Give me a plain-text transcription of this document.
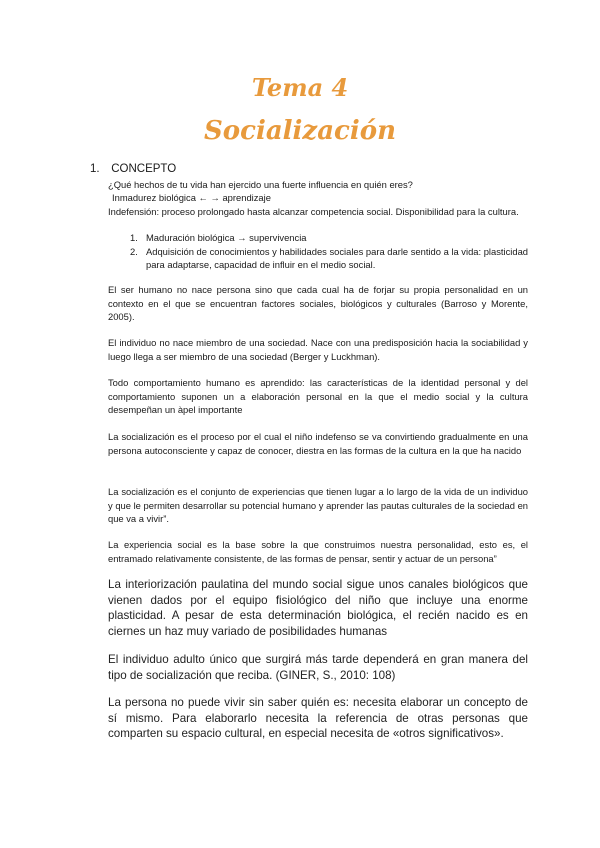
Tema 4
Socialización
1. CONCEPTO
¿Qué hechos de tu vida han ejercido una fuerte influencia en quién eres?
Inmadurez biológica ← → aprendizaje
Indefensión: proceso prolongado hasta alcanzar competencia social. Disponibilidad para la cultura.
1. Maduración biológica → supervivencia
2. Adquisición de conocimientos y habilidades sociales para darle sentido a la vida: plasticidad para adaptarse, capacidad de influir en el medio social.
El ser humano no nace persona sino que cada cual ha de forjar su propia personalidad en un contexto en el que se encuentran factores sociales, biológicos y culturales (Barroso y Morente, 2005).
El individuo no nace miembro de una sociedad. Nace con una predisposición hacia la sociabilidad y luego llega a ser miembro de una sociedad (Berger y Luckhman).
Todo comportamiento humano es aprendido: las características de la identidad personal y del comportamiento suponen un a elaboración personal en la que el medio social y la cultura desempeñan un àpel importante
La socialización es el proceso por el cual el niño indefenso se va convirtiendo gradualmente en una persona autoconsciente y capaz de conocer, diestra en las formas de la cultura en la que ha nacido
La socialización es el conjunto de experiencias que tienen lugar a lo largo de la vida de un individuo y que le permiten desarrollar su potencial humano y aprender las pautas culturales de la sociedad en que va a vivir”.
La experiencia social es la base sobre la que construimos nuestra personalidad, esto es, el entramado relativamente consistente, de las formas de pensar, sentir y actuar de un persona”
La interiorización paulatina del mundo social sigue unos canales biológicos que vienen dados por el equipo fisiológico del niño que incluye una enorme plasticidad. A pesar de esta determinación biológica, el recién nacido es en ciernes un haz muy variado de posibilidades humanas
El individuo adulto único que surgirá más tarde dependerá en gran manera del tipo de socialización que reciba. (GINER, S., 2010: 108)
La persona no puede vivir sin saber quién es: necesita elaborar un concepto de sí mismo. Para elaborarlo necesita la referencia de otras personas que comparten su espacio cultural, en especial necesita de «otros significativos».
